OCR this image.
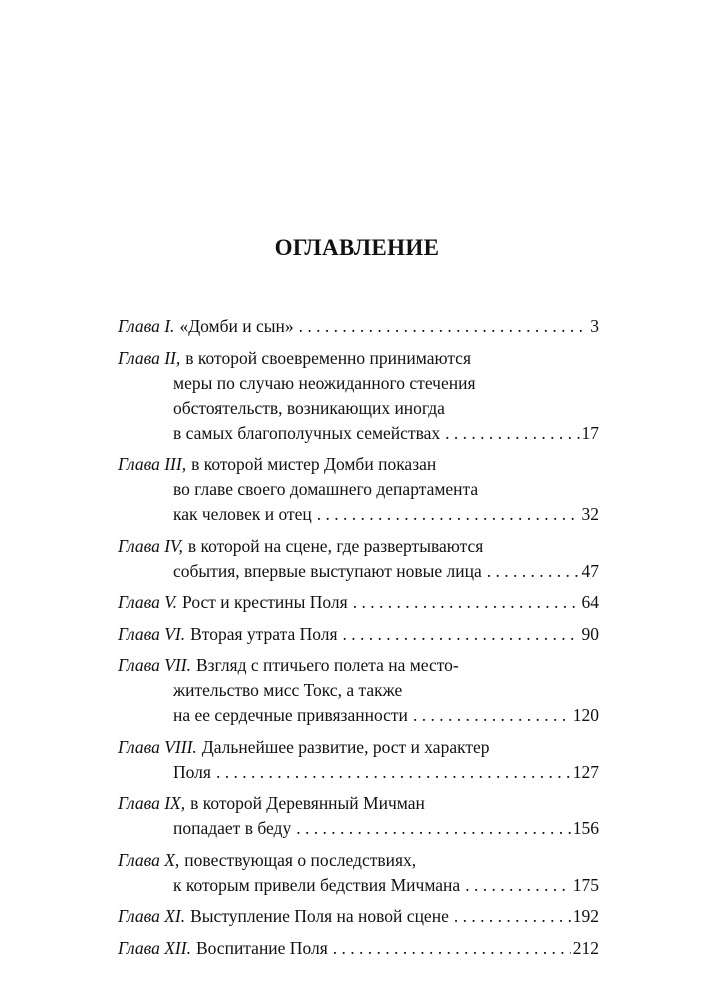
ОГЛАВЛЕНИЕ
Глава I. «Домби и сын» . . .	3
Глава II, в которой своевременно принимаются
меры по случаю неожиданного стечения
обстоятельств, возникающих иногда
в самых благополучных семействах . . .	17
Глава III, в которой мистер Домби показан
во главе своего домашнего департамента
как человек и отец . . .	32
Глава IV, в которой на сцене, где развертываются
события, впервые выступают новые лица . . .	47
Глава V. Рост и крестины Поля . . .	64
Глава VI. Вторая утрата Поля . . .	90
Глава VII. Взгляд с птичьего полета на место-
жительство мисс Токс, а также
на ее сердечные привязанности . . .	120
Глава VIII. Дальнейшее развитие, рост и характер
Поля . . .	127
Глава IX, в которой Деревянный Мичман
попадает в беду . . .	156
Глава X, повествующая о последствиях,
к которым привели бедствия Мичмана . . .	175
Глава XI. Выступление Поля на новой сцене . . .	192
Глава XII. Воспитание Поля . . .	212
